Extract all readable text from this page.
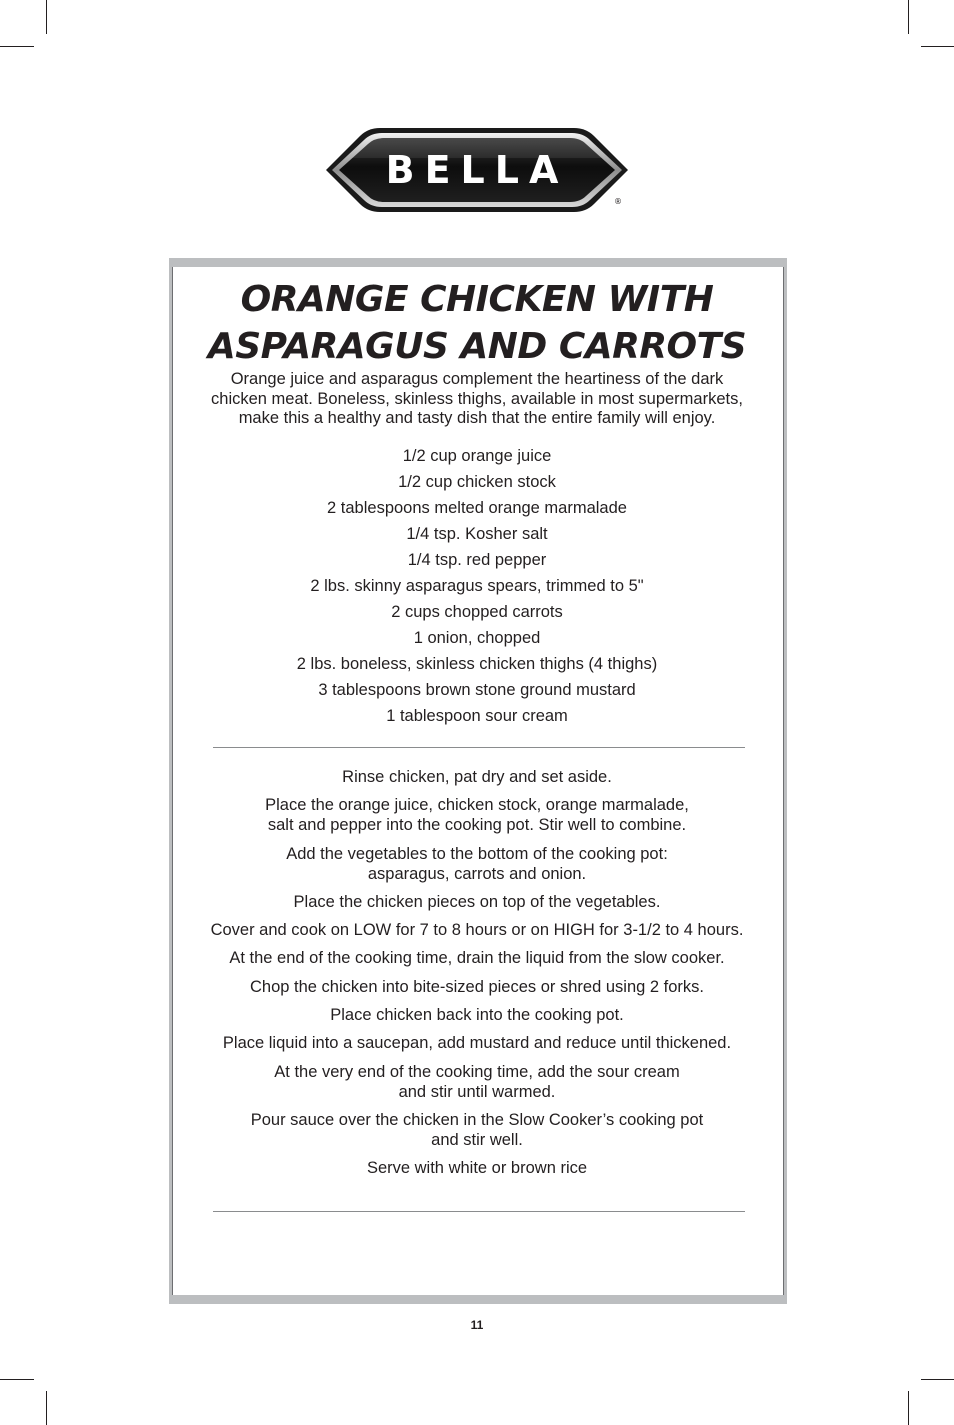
BELLA
®
ORANGE CHICKEN WITH
ASPARAGUS AND CARROTS
Orange juice and asparagus complement the heartiness of the dark
chicken meat. Boneless, skinless thighs, available in most supermarkets,
make this a healthy and tasty dish that the entire family will enjoy.
1/2 cup orange juice
1/2 cup chicken stock
2 tablespoons melted orange marmalade
1/4 tsp. Kosher salt
1/4 tsp. red pepper
2 lbs. skinny asparagus spears, trimmed to 5"
2 cups chopped carrots
1 onion, chopped
2 lbs. boneless, skinless chicken thighs (4 thighs)
3 tablespoons brown stone ground mustard
1 tablespoon sour cream
Rinse chicken, pat dry and set aside.
Place the orange juice, chicken stock, orange marmalade,
salt and pepper into the cooking pot. Stir well to combine.
Add the vegetables to the bottom of the cooking pot:
asparagus, carrots and onion.
Place the chicken pieces on top of the vegetables.
Cover and cook on LOW for 7 to 8 hours or on HIGH for 3-1/2 to 4 hours.
At the end of the cooking time, drain the liquid from the slow cooker.
Chop the chicken into bite-sized pieces or shred using 2 forks.
Place chicken back into the cooking pot.
Place liquid into a saucepan, add mustard and reduce until thickened.
At the very end of the cooking time, add the sour cream
and stir until warmed.
Pour sauce over the chicken in the Slow Cooker’s cooking pot
and stir well.
Serve with white or brown rice
11
